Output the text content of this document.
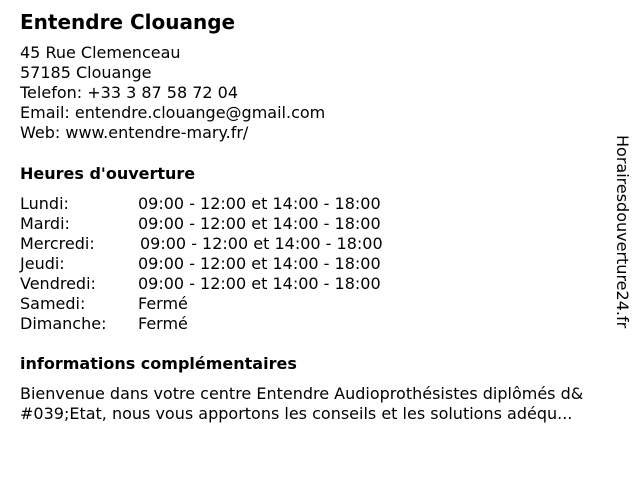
Entendre Clouange
45 Rue Clemenceau
57185 Clouange
Telefon: +33 3 87 58 72 04
Email: entendre.clouange@gmail.com
Web: www.entendre-mary.fr/
Heures d'ouverture
Lundi:	09:00 - 12:00 et 14:00 - 18:00
Mardi:	09:00 - 12:00 et 14:00 - 18:00
Mercredi:	09:00 - 12:00 et 14:00 - 18:00
Jeudi:	09:00 - 12:00 et 14:00 - 18:00
Vendredi:	09:00 - 12:00 et 14:00 - 18:00
Samedi:	Fermé
Dimanche: Fermé
informations complémentaires
Bienvenue dans votre centre Entendre Audioprothésistes diplômés d&
#039;Etat, nous vous apportons les conseils et les solutions adéqu...
Horairesdouverture24.fr
